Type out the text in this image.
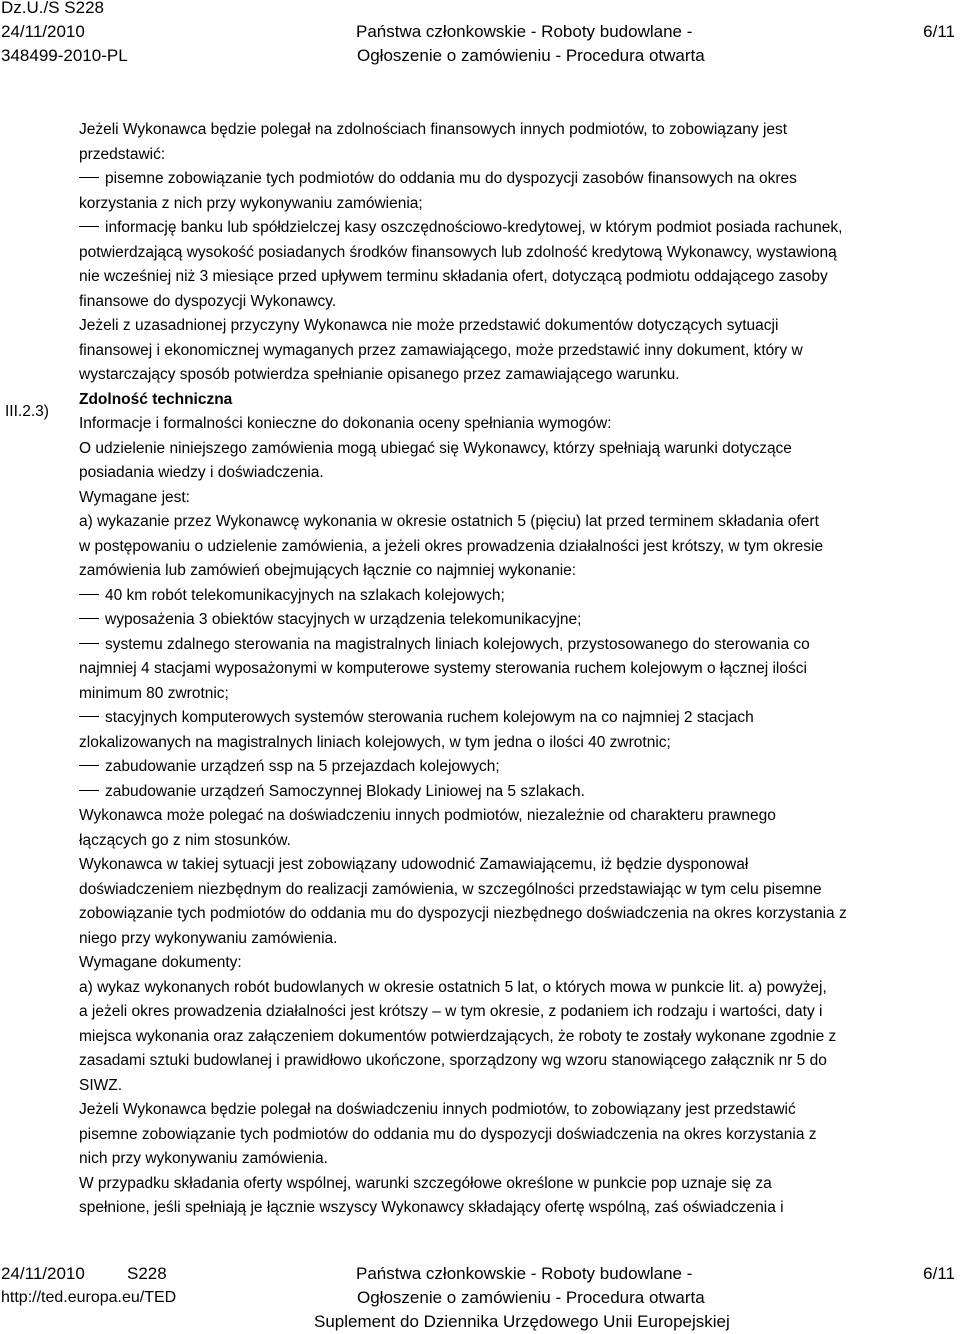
Dz.U./S S228
24/11/2010
348499-2010-PL
Państwa członkowskie - Roboty budowlane -
Ogłoszenie o zamówieniu - Procedura otwarta
6/11
III.2.3)

Jeżeli Wykonawca będzie polegał na zdolnościach finansowych innych podmiotów, to zobowiązany jest

przedstawić:

pisemne zobowiązanie tych podmiotów do oddania mu do dyspozycji zasobów finansowych na okres

korzystania z nich przy wykonywaniu zamówienia;

informację banku lub spółdzielczej kasy oszczędnościowo-kredytowej, w którym podmiot posiada rachunek,

potwierdzającą wysokość posiadanych środków finansowych lub zdolność kredytową Wykonawcy, wystawioną

nie wcześniej niż 3 miesiące przed upływem terminu składania ofert, dotyczącą podmiotu oddającego zasoby

finansowe do dyspozycji Wykonawcy.

Jeżeli z uzasadnionej przyczyny Wykonawca nie może przedstawić dokumentów dotyczących sytuacji

finansowej i ekonomicznej wymaganych przez zamawiającego, może przedstawić inny dokument, który w

wystarczający sposób potwierdza spełnianie opisanego przez zamawiającego warunku.

Zdolność techniczna

Informacje i formalności konieczne do dokonania oceny spełniania wymogów:

O udzielenie niniejszego zamówienia mogą ubiegać się Wykonawcy, którzy spełniają warunki dotyczące

posiadania wiedzy i doświadczenia.

Wymagane jest:

a) wykazanie przez Wykonawcę wykonania w okresie ostatnich 5 (pięciu) lat przed terminem składania ofert

w postępowaniu o udzielenie zamówienia, a jeżeli okres prowadzenia działalności jest krótszy, w tym okresie

zamówienia lub zamówień obejmujących łącznie co najmniej wykonanie:

40 km robót telekomunikacyjnych na szlakach kolejowych;

wyposażenia 3 obiektów stacyjnych w urządzenia telekomunikacyjne;

systemu zdalnego sterowania na magistralnych liniach kolejowych, przystosowanego do sterowania co

najmniej 4 stacjami wyposażonymi w komputerowe systemy sterowania ruchem kolejowym o łącznej ilości

minimum 80 zwrotnic;

stacyjnych komputerowych systemów sterowania ruchem kolejowym na co najmniej 2 stacjach

zlokalizowanych na magistralnych liniach kolejowych, w tym jedna o ilości 40 zwrotnic;

zabudowanie urządzeń ssp na 5 przejazdach kolejowych;

zabudowanie urządzeń Samoczynnej Blokady Liniowej na 5 szlakach.

Wykonawca może polegać na doświadczeniu innych podmiotów, niezależnie od charakteru prawnego

łączących go z nim stosunków.

Wykonawca w takiej sytuacji jest zobowiązany udowodnić Zamawiającemu, iż będzie dysponował

doświadczeniem niezbędnym do realizacji zamówienia, w szczególności przedstawiając w tym celu pisemne

zobowiązanie tych podmiotów do oddania mu do dyspozycji niezbędnego doświadczenia na okres korzystania z

niego przy wykonywaniu zamówienia.

Wymagane dokumenty:

a) wykaz wykonanych robót budowlanych w okresie ostatnich 5 lat, o których mowa w punkcie lit. a) powyżej,

a jeżeli okres prowadzenia działalności jest krótszy – w tym okresie, z podaniem ich rodzaju i wartości, daty i

miejsca wykonania oraz załączeniem dokumentów potwierdzających, że roboty te zostały wykonane zgodnie z

zasadami sztuki budowlanej i prawidłowo ukończone, sporządzony wg wzoru stanowiącego załącznik nr 5 do

SIWZ.

Jeżeli Wykonawca będzie polegał na doświadczeniu innych podmiotów, to zobowiązany jest przedstawić

pisemne zobowiązanie tych podmiotów do oddania mu do dyspozycji doświadczenia na okres korzystania z

nich przy wykonywaniu zamówienia.

W przypadku składania oferty wspólnej, warunki szczegółowe określone w punkcie pop uznaje się za

spełnione, jeśli spełniają je łącznie wszyscy Wykonawcy składający ofertę wspólną, zaś oświadczenia i

24/11/2010 S228
http://ted.europa.eu/TED
Państwa członkowskie - Roboty budowlane -
Ogłoszenie o zamówieniu - Procedura otwarta
Suplement do Dziennika Urzędowego Unii Europejskiej
6/11
